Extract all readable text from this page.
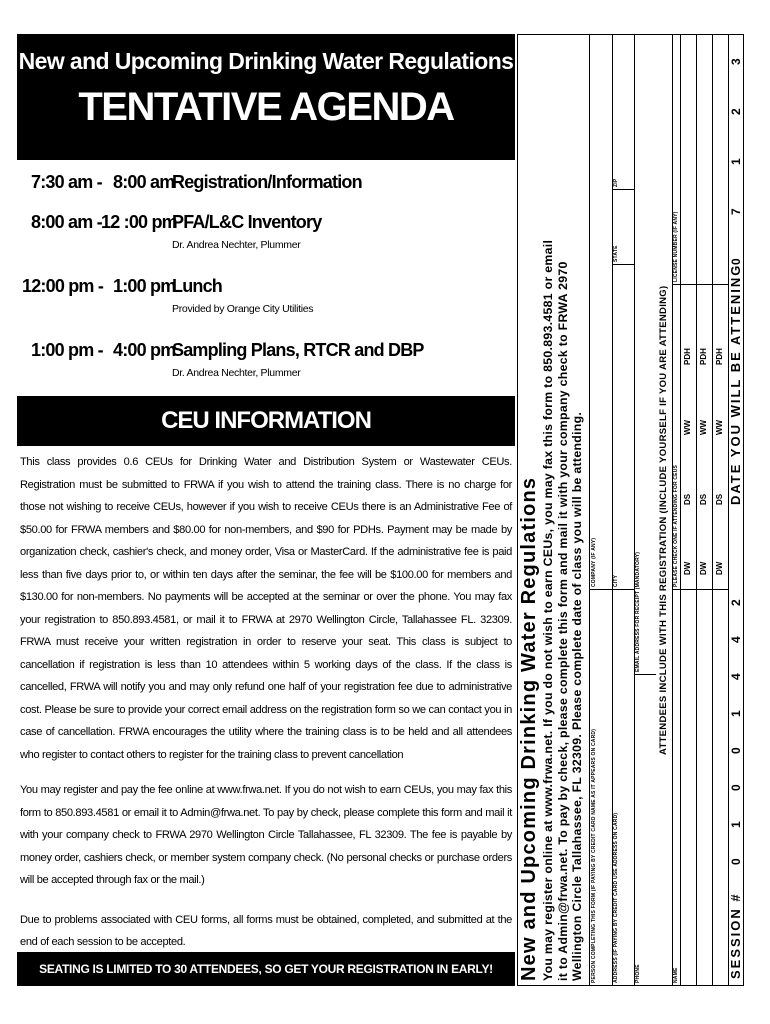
New and Upcoming Drinking Water Regulations
TENTATIVE AGENDA
7:30 am - 8:00 am
Registration/Information
8:00 am - 12 :00 pm
PFA/L&C Inventory
Dr. Andrea Nechter, Plummer
12:00 pm - 1:00 pm
Lunch
Provided by Orange City Utilities
1:00 pm - 4:00 pm
Sampling Plans, RTCR and DBP
Dr. Andrea Nechter, Plummer
CEU INFORMATION
This class provides 0.6 CEUs for Drinking Water and Distribution System or Wastewater CEUs. Registration must be submitted to FRWA if you wish to attend the training class. There is no charge for those not wishing to receive CEUs, however if you wish to receive CEUs there is an Administrative Fee of $50.00 for FRWA members and $80.00 for non-members, and $90 for PDHs. Payment may be made by organization check, cashier's check, and money order, Visa or MasterCard. If the administrative fee is paid less than five days prior to, or within ten days after the seminar, the fee will be $100.00 for members and $130.00 for non-members. No payments will be accepted at the seminar or over the phone. You may fax your registration to 850.893.4581, or mail it to FRWA at 2970 Wellington Circle, Tallahassee FL. 32309. FRWA must receive your written registration in order to reserve your seat. This class is subject to cancellation if registration is less than 10 attendees within 5 working days of the class. If the class is cancelled, FRWA will notify you and may only refund one half of your registration fee due to administrative cost. Please be sure to provide your correct email address on the registration form so we can contact you in case of cancellation. FRWA encourages the utility where the training class is to be held and all attendees who register to contact others to register for the training class to prevent cancellation
You may register and pay the fee online at www.frwa.net. If you do not wish to earn CEUs, you may fax this form to 850.893.4581 or email it to Admin@frwa.net. To pay by check, please complete this form and mail it with your company check to FRWA 2970 Wellington Circle Tallahassee, FL 32309. The fee is payable by money order, cashiers check, or member system company check. (No personal checks or purchase orders will be accepted through fax or the mail.)
Due to problems associated with CEU forms, all forms must be obtained, completed, and submitted at the end of each session to be accepted.
SEATING IS LIMITED TO 30 ATTENDEES, SO GET YOUR REGISTRATION IN EARLY!	New and Upcoming Drinking Water Regulations You may register online at www.frwa.net. If you do not wish to earn CEUs, you may fax this form to 850.893.4581 or email it to Admin@frwa.net. To pay by check, please complete this form and mail it with your company check to FRWA 2970 Wellington Circle Tallahassee, FL 32309. Please complete date of class you will be attending. PERSON COMPLETING THIS FORM (IF PAYING BY CREDIT CARD NAME AS IT APPEARS ON CARD)
COMPANY (IF ANY)
ADDRESS (IF PAYING BY CREDIT CARD USE ADDRESS ON CARD)
CITY
STATE
ZIP
PHONE
EMAIL ADDRESS FOR RECEIPT (MANDATORY) ATTENDEES INCLUDE WITH THIS REGISTRATION (INCLUDE YOURSELF IF YOU ARE ATTENDING)
NAME
PLEASE CHECK ONE IF ATTENDING FOR CEUS
LICENSE NUMBER (IF ANY)
DW
DS
WW
PDH
DW
DS
WW
PDH
DW
DS
WW
PDH
SESSION #
0
1
0
0
1
4
4
2
DATE YOU WILL BE ATTENING
0
7
1
2
3
